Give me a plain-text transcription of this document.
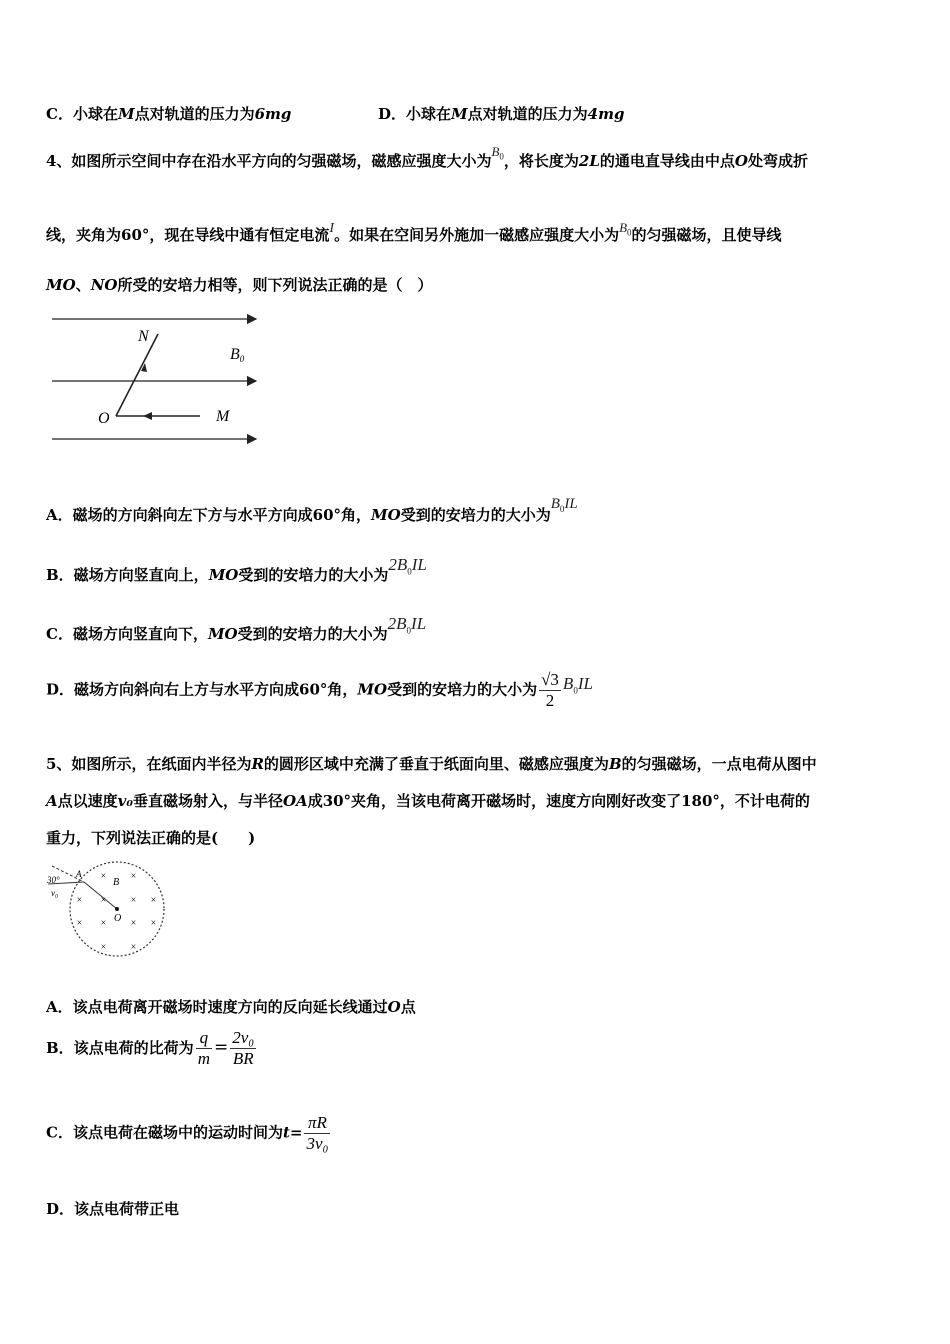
C．小球在M点对轨道的压力为6mg	D．小球在M点对轨道的压力为4mg
4、如图所示空间中存在沿水平方向的匀强磁场，磁感应强度大小为$B_0$，将长度为2L的通电直导线由中点O处弯成折
线，夹角为60°，现在导线中通有恒定电流I。如果在空间另外施加一磁感应强度大小为$B_0$的匀强磁场，且使导线
MO、NO所受的安培力相等，则下列说法正确的是（　）
N
B0
O	M
A．磁场的方向斜向左下方与水平方向成60°角，MO受到的安培力的大小为$B_0IL$
B．磁场方向竖直向上，MO受到的安培力的大小为$2B_0IL$
C．磁场方向竖直向下，MO受到的安培力的大小为$2B_0IL$
D．磁场方向斜向右上方与水平方向成60°角，MO受到的安培力的大小为 $\frac{√3}{2} B_0IL$
5、如图所示，在纸面内半径为R的圆形区域中充满了垂直于纸面向里、磁感应强度为B的匀强磁场，一点电荷从图中
A点以速度v₀垂直磁场射入，与半径OA成30°夹角，当该电荷离开磁场时，速度方向刚好改变了180°，不计电荷的
重力，下列说法正确的是(　　)
30°
A
v₀
B
O
× ×
× × × ×
× × × ×
× ×
A．该点电荷离开磁场时速度方向的反向延长线通过O点
B．该点电荷的比荷为 $\frac{q}{m} = \frac{\text{2v₀}}{BR}$
C．该点电荷在磁场中的运动时间为$t= \frac{\pi R}{\text{3v₀}}$
D．该点电荷带正电
